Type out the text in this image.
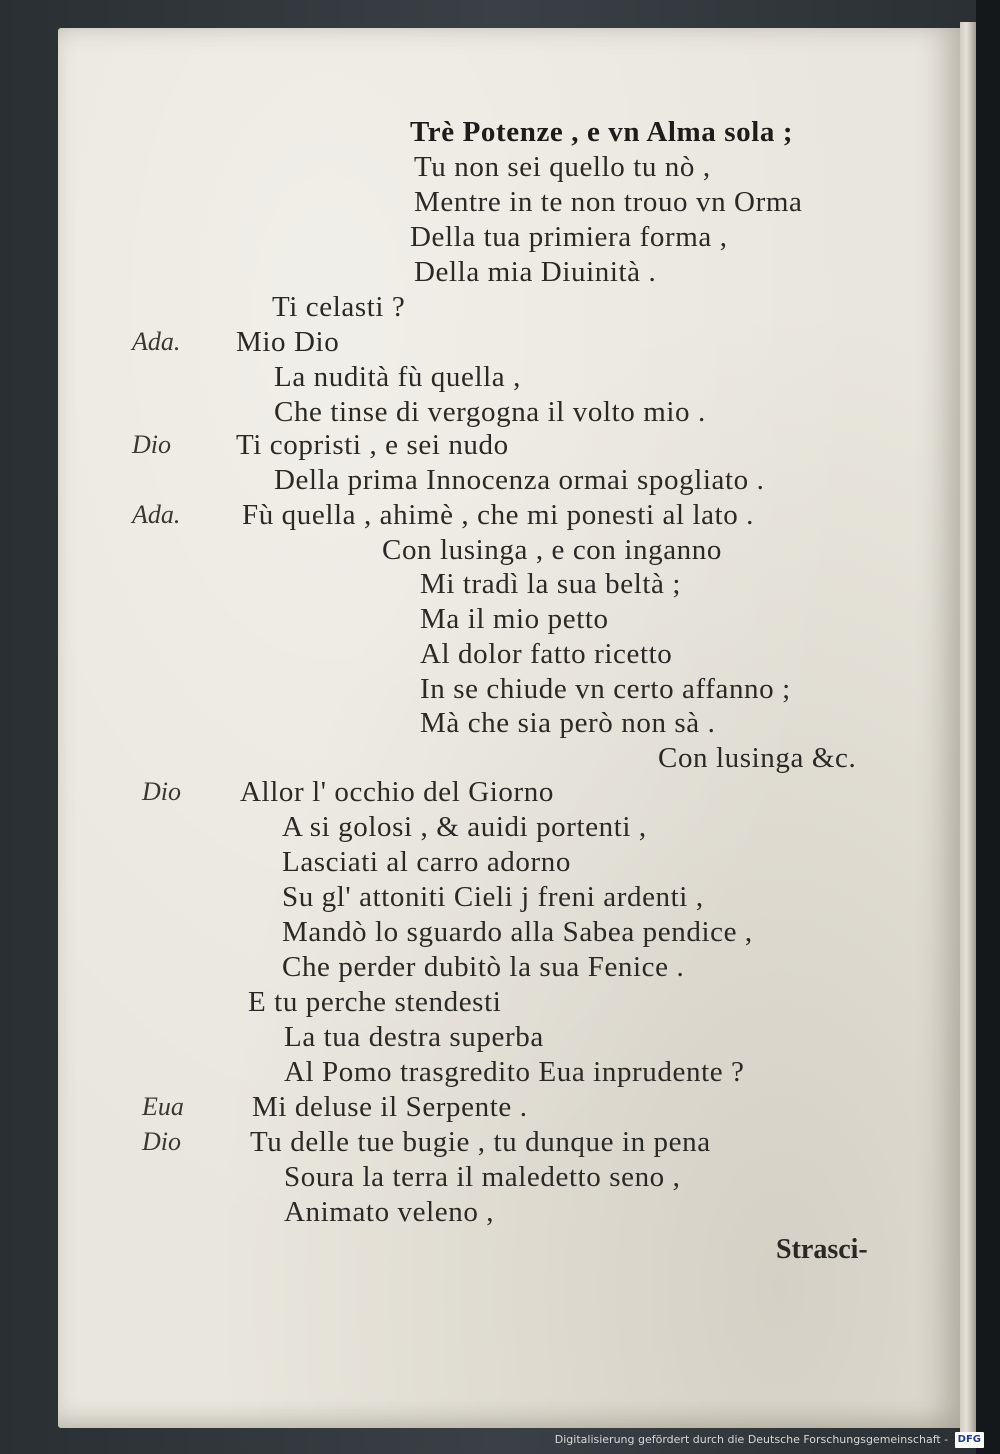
Ada.
Dio
Ada.
Dio
Eua
Dio
Trè Potenze , e vn Alma sola ;
Tu non sei quello tu nò ,
Mentre in te non trouo vn Orma
Della tua primiera forma ,
Della mia Diuinità .
Ti celasti ?
Mio Dio
La nudità fù quella ,
Che tinse di vergogna il volto mio .
Ti copristi , e sei nudo
Della prima Innocenza ormai spogliato .
Fù quella , ahimè , che mi ponesti al lato .
Con lusinga , e con inganno
Mi tradì la sua beltà ;
Ma il mio petto
Al dolor fatto ricetto
In se chiude vn certo affanno ;
Mà che sia però non sà .
Con lusinga &c.
Allor l' occhio del Giorno
A si golosi , & auidi portenti ,
Lasciati al carro adorno
Su gl' attoniti Cieli j freni ardenti ,
Mandò lo sguardo alla Sabea pendice ,
Che perder dubitò la sua Fenice .
E tu perche stendesti
La tua destra superba
Al Pomo trasgredito Eua inprudente ?
Mi deluse il Serpente .
Tu delle tue bugie , tu dunque in pena
Soura la terra il maledetto seno ,
Animato veleno ,
Strasci-
Digitalisierung gefördert durch die Deutsche Forschungsgemeinschaft - DFG
